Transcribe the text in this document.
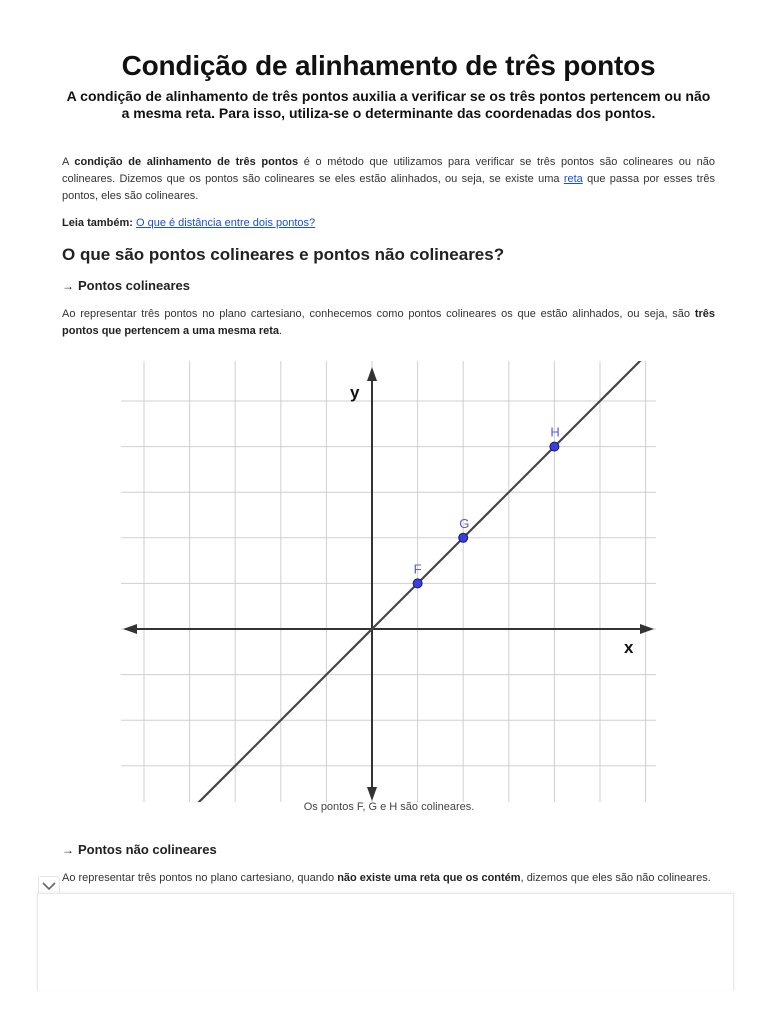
Condição de alinhamento de três pontos

A condição de alinhamento de três pontos auxilia a verificar se os três pontos pertencem ou não a mesma reta. Para isso, utiliza-se o determinante das coordenadas dos pontos.

A condição de alinhamento de três pontos é o método que utilizamos para verificar se três pontos são colineares ou não colineares. Dizemos que os pontos são colineares se eles estão alinhados, ou seja, se existe uma reta que passa por esses três pontos, eles são colineares.

Leia também: O que é distância entre dois pontos?
O que são pontos colineares e pontos não colineares?
→ Pontos colineares

Ao representar três pontos no plano cartesiano, conhecemos como pontos colineares os que estão alinhados, ou seja, são três pontos que pertencem a uma mesma reta.

Os pontos F, G e H são colineares.
→ Pontos não colineares

Ao representar três pontos no plano cartesiano, quando não existe uma reta que os contém, dizemos que eles são não colineares.

y
x
F
G
H
